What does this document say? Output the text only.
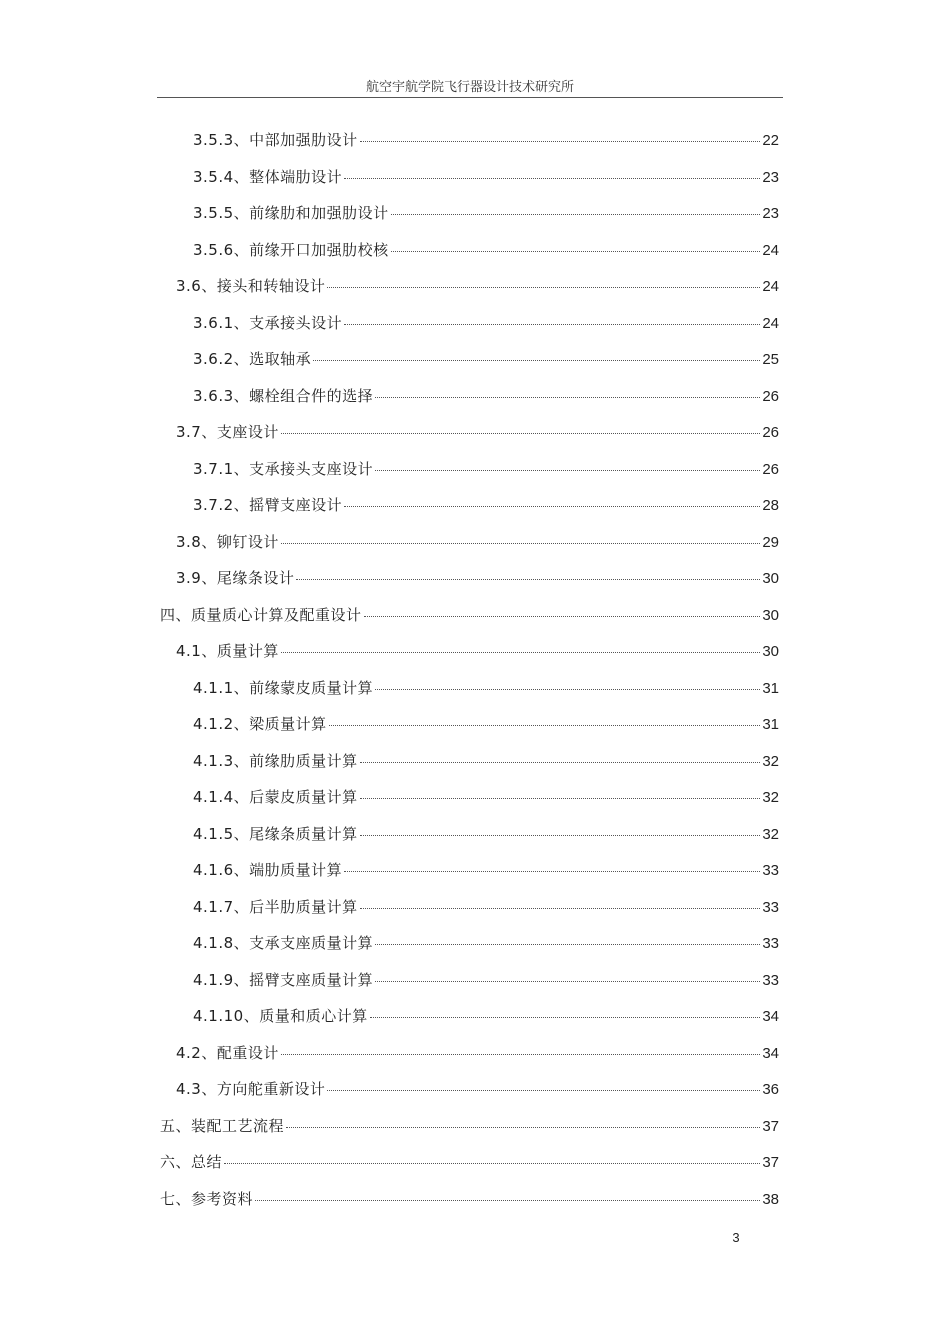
航空宇航学院飞行器设计技术研究所
3.5.3、中部加强肋设计	22
3.5.4、整体端肋设计	23
3.5.5、前缘肋和加强肋设计	23
3.5.6、前缘开口加强肋校核	24
3.6、接头和转轴设计	24
3.6.1、支承接头设计	24
3.6.2、选取轴承	25
3.6.3、螺栓组合件的选择	26
3.7、支座设计	26
3.7.1、支承接头支座设计	26
3.7.2、摇臂支座设计	28
3.8、铆钉设计	29
3.9、尾缘条设计	30
四、质量质心计算及配重设计	30
4.1、质量计算	30
4.1.1、前缘蒙皮质量计算	31
4.1.2、梁质量计算	31
4.1.3、前缘肋质量计算	32
4.1.4、后蒙皮质量计算	32
4.1.5、尾缘条质量计算	32
4.1.6、端肋质量计算	33
4.1.7、后半肋质量计算	33
4.1.8、支承支座质量计算	33
4.1.9、摇臂支座质量计算	33
4.1.10、质量和质心计算	34
4.2、配重设计	34
4.3、方向舵重新设计	36
五、装配工艺流程	37
六、总结	37
七、参考资料	38
3
